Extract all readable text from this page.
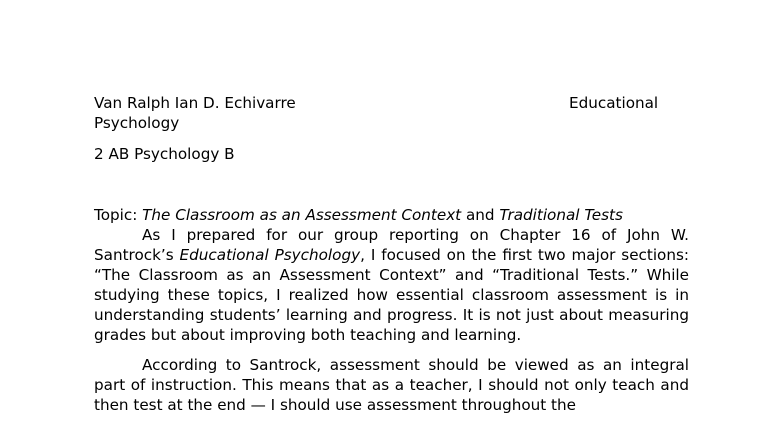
Van Ralph Ian D. Echivarre	Educational
Psychology
2 AB Psychology B
Topic: The Classroom as an Assessment Context and Traditional Tests

As I prepared for our group reporting on Chapter 16 of John W. Santrock’s Educational Psychology, I focused on the first two major sections: “The Classroom as an Assessment Context” and “Traditional Tests.” While studying these topics, I realized how essential classroom assessment is in understanding students’ learning and progress. It is not just about measuring grades but about improving both teaching and learning.

According to Santrock, assessment should be viewed as an integral part of instruction. This means that as a teacher, I should not only teach and then test at the end — I should use assessment throughout the
